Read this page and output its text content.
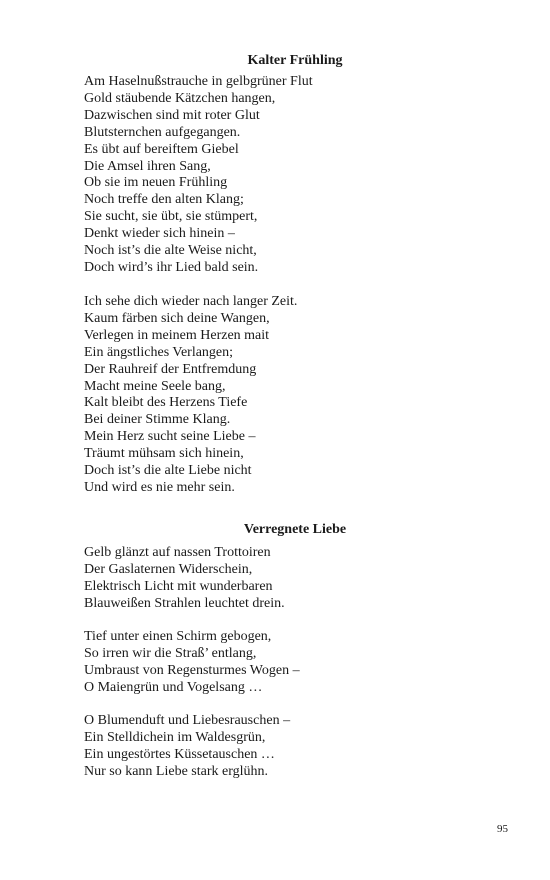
Kalter Frühling
Am Haselnußstrauche in gelbgrüner Flut
Gold stäubende Kätzchen hangen,
Dazwischen sind mit roter Glut
Blutsternchen aufgegangen.
Es übt auf bereiftem Giebel
Die Amsel ihren Sang,
Ob sie im neuen Frühling
Noch treffe den alten Klang;
Sie sucht, sie übt, sie stümpert,
Denkt wieder sich hinein –
Noch ist’s die alte Weise nicht,
Doch wird’s ihr Lied bald sein.
Ich sehe dich wieder nach langer Zeit.
Kaum färben sich deine Wangen,
Verlegen in meinem Herzen mait
Ein ängstliches Verlangen;
Der Rauhreif der Entfremdung
Macht meine Seele bang,
Kalt bleibt des Herzens Tiefe
Bei deiner Stimme Klang.
Mein Herz sucht seine Liebe –
Träumt mühsam sich hinein,
Doch ist’s die alte Liebe nicht
Und wird es nie mehr sein.
Verregnete Liebe
Gelb glänzt auf nassen Trottoiren
Der Gaslaternen Widerschein,
Elektrisch Licht mit wunderbaren
Blauweißen Strahlen leuchtet drein.
Tief unter einen Schirm gebogen,
So irren wir die Straß’ entlang,
Umbraust von Regensturmes Wogen –
O Maiengrün und Vogelsang …
O Blumenduft und Liebesrauschen –
Ein Stelldichein im Waldesgrün,
Ein ungestörtes Küssetauschen …
Nur so kann Liebe stark erglühn.

95
